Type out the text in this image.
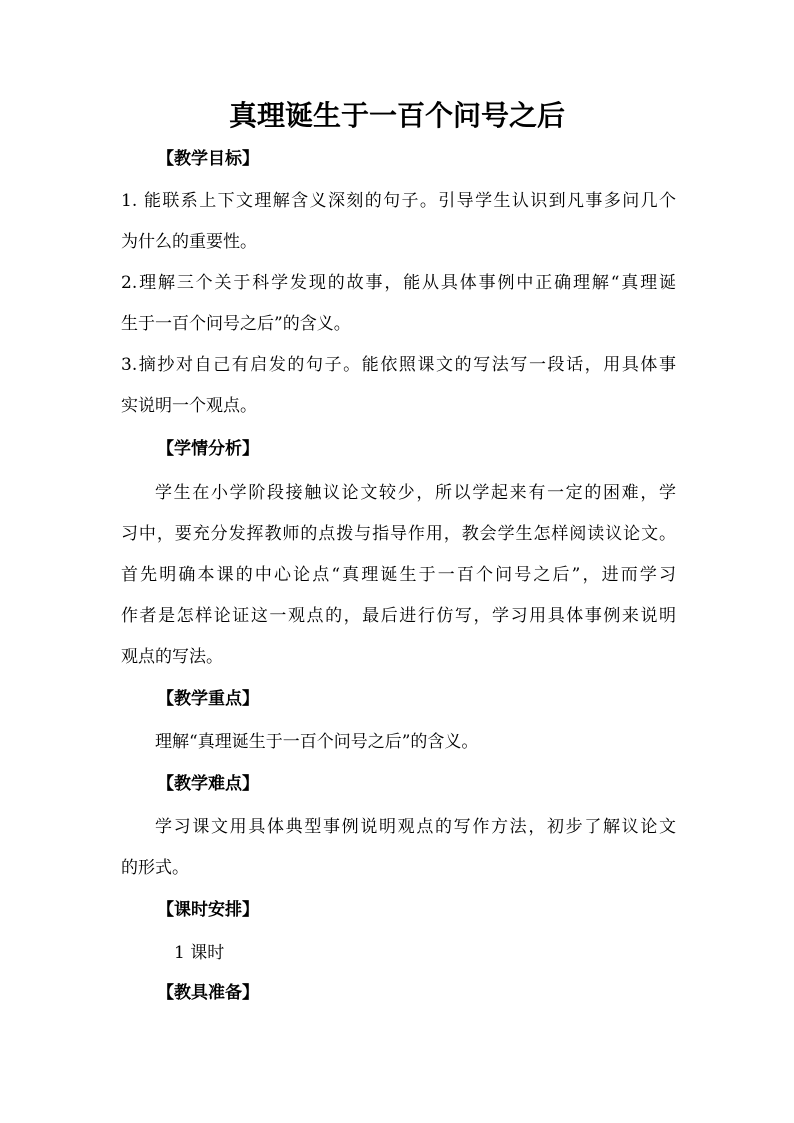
真理诞生于一百个问号之后
【教学目标】
1. 能联系上下文理解含义深刻的句子。引导学生认识到凡事多问几个
为什么的重要性。
2.理解三个关于科学发现的故事，能从具体事例中正确理解“真理诞
生于一百个问号之后”的含义。
3.摘抄对自己有启发的句子。能依照课文的写法写一段话，用具体事
实说明一个观点。
【学情分析】
学生在小学阶段接触议论文较少，所以学起来有一定的困难，学
习中，要充分发挥教师的点拨与指导作用，教会学生怎样阅读议论文。
首先明确本课的中心论点“真理诞生于一百个问号之后”，进而学习
作者是怎样论证这一观点的，最后进行仿写，学习用具体事例来说明
观点的写法。
【教学重点】
理解“真理诞生于一百个问号之后”的含义。
【教学难点】
学习课文用具体典型事例说明观点的写作方法，初步了解议论文
的形式。
【课时安排】
1 课时
【教具准备】
